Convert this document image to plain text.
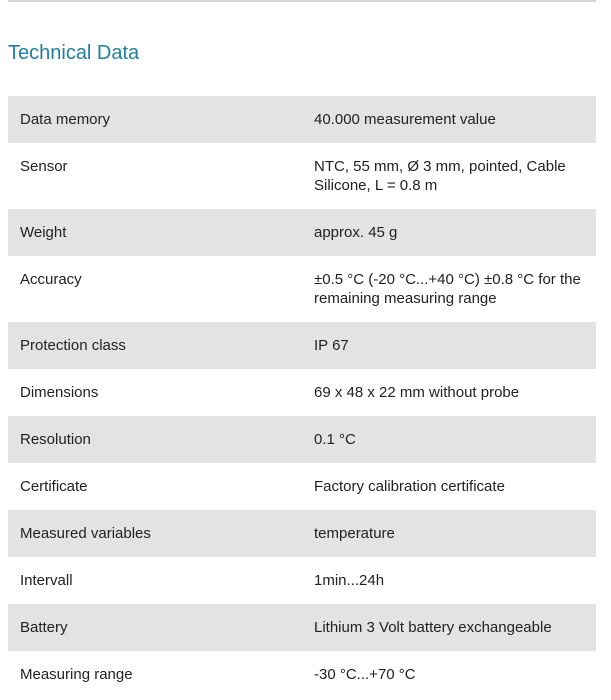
Technical Data
Data memory	40.000 measurement value
Sensor	NTC, 55 mm, Ø 3 mm, pointed, Cable Silicone, L = 0.8 m
Weight	approx. 45 g
Accuracy	±0.5 °C (-20 °C...+40 °C) ±0.8 °C for the remaining measuring range
Protection class	IP 67
Dimensions	69 x 48 x 22 mm without probe
Resolution	0.1 °C
Certificate	Factory calibration certificate
Measured variables	temperature
Intervall	1min...24h
Battery	Lithium 3 Volt battery exchangeable
Measuring range	-30 °C...+70 °C
